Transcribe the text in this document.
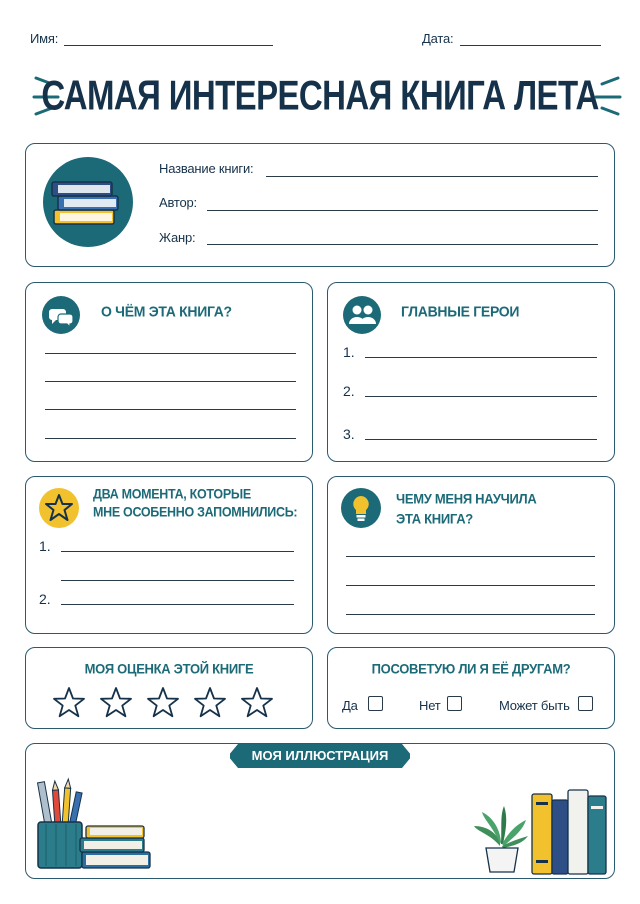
Имя:	Дата:
САМАЯ ИНТЕРЕСНАЯ КНИГА ЛЕТА
Название книги:
Автор:
Жанр:
О ЧЁМ ЭТА КНИГА?	ГЛАВНЫЕ ГЕРОИ
1.
2.
3.
ДВА МОМЕНТА, КОТОРЫЕ
МНЕ ОСОБЕННО ЗАПОМНИЛИСЬ:
1.
2.
ЧЕМУ МЕНЯ НАУЧИЛА
ЭТА КНИГА?
МОЯ ОЦЕНКА ЭТОЙ КНИГЕ	ПОСОВЕТУЮ ЛИ Я ЕЁ ДРУГАМ?
Да	Нет	Может быть
МОЯ ИЛЛЮСТРАЦИЯ
